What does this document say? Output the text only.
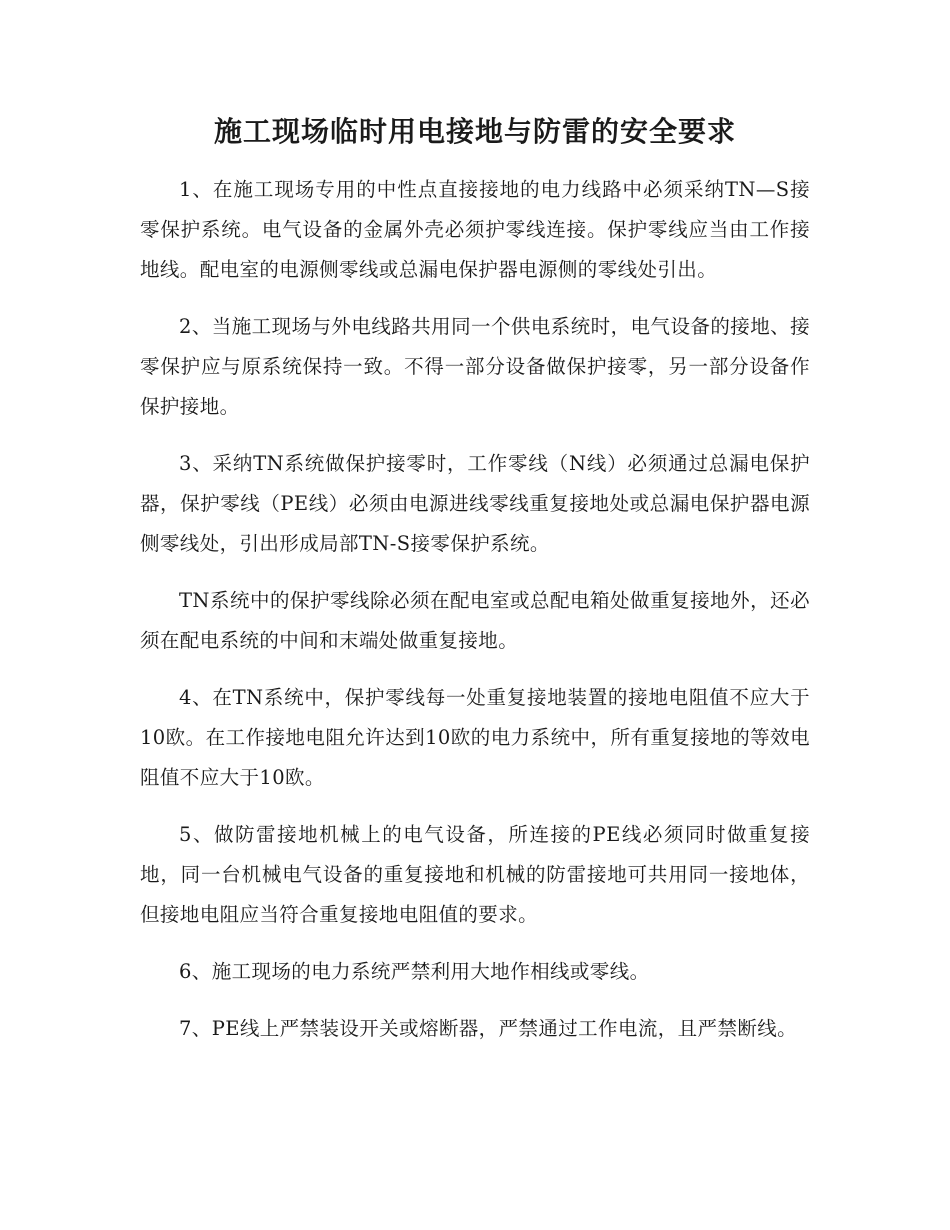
施工现场临时用电接地与防雷的安全要求

1、在施工现场专用的中性点直接接地的电力线路中必须采纳TN—S接零保护系统。电气设备的金属外壳必须护零线连接。保护零线应当由工作接地线。配电室的电源侧零线或总漏电保护器电源侧的零线处引出。

2、当施工现场与外电线路共用同一个供电系统时，电气设备的接地、接零保护应与原系统保持一致。不得一部分设备做保护接零，另一部分设备作保护接地。

3、采纳TN系统做保护接零时，工作零线（N线）必须通过总漏电保护器，保护零线（PE线）必须由电源进线零线重复接地处或总漏电保护器电源侧零线处，引出形成局部TN-S接零保护系统。

TN系统中的保护零线除必须在配电室或总配电箱处做重复接地外，还必须在配电系统的中间和末端处做重复接地。

4、在TN系统中，保护零线每一处重复接地装置的接地电阻值不应大于10欧。在工作接地电阻允许达到10欧的电力系统中，所有重复接地的等效电阻值不应大于10欧。

5、做防雷接地机械上的电气设备，所连接的PE线必须同时做重复接地，同一台机械电气设备的重复接地和机械的防雷接地可共用同一接地体，但接地电阻应当符合重复接地电阻值的要求。

6、施工现场的电力系统严禁利用大地作相线或零线。

7、PE线上严禁装设开关或熔断器，严禁通过工作电流，且严禁断线。
